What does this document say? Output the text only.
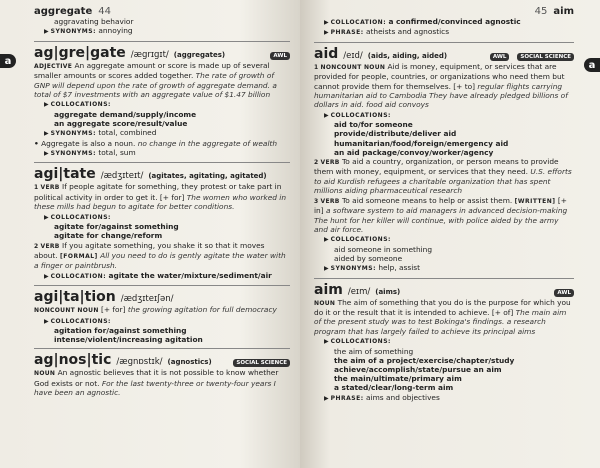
a
aggregate 44

aggravating behavior

▶ SYNONYMS: annoying

ag|gre|gate /ægrɪgɪt/ (aggregates)	AWL

ADJECTIVE An aggregate amount or score is made up of several smaller amounts or scores added together. The rate of growth of GNP will depend upon the rate of growth of aggregate demand. a total of $7 investments with an aggregate value of $1.47 billion

▶ COLLOCATIONS:

aggregate demand/supply/income

an aggregate score/result/value

▶ SYNONYMS: total, combined

• Aggregate is also a noun. no change in the aggregate of wealth

▶ SYNONYMS: total, sum

agi|tate /ædʒɪteɪt/ (agitates, agitating, agitated)

1 VERB If people agitate for something, they protest or take part in political activity in order to get it. [+ for] The women who worked in these mills had begun to agitate for better conditions.

▶ COLLOCATIONS:

agitate for/against something

agitate for change/reform

2 VERB If you agitate something, you shake it so that it moves about. [FORMAL] All you need to do is gently agitate the water with a finger or paintbrush.

▶ COLLOCATION: agitate the water/mixture/sediment/air

agi|ta|tion /ædʒɪteɪʃən/

NONCOUNT NOUN [+ for] the growing agitation for full democracy

▶ COLLOCATIONS:

agitation for/against something

intense/violent/increasing agitation

ag|nos|tic /ægnɒstɪk/ (agnostics)	SOCIAL SCIENCE

NOUN An agnostic believes that it is not possible to know whether God exists or not. For the last twenty-three or twenty-four years I have been an agnostic.

a
45 aim

▶ COLLOCATION: a confirmed/convinced agnostic

▶ PHRASE: atheists and agnostics

aid /eɪd/ (aids, aiding, aided)	AWL	SOCIAL SCIENCE

1 NONCOUNT NOUN Aid is money, equipment, or services that are provided for people, countries, or organizations who need them but cannot provide them for themselves. [+ to] regular flights carrying humanitarian aid to Cambodia They have already pledged billions of dollars in aid. food aid convoys

▶ COLLOCATIONS:

aid to/for someone

provide/distribute/deliver aid

humanitarian/food/foreign/emergency aid

an aid package/convoy/worker/agency

2 VERB To aid a country, organization, or person means to provide them with money, equipment, or services that they need. U.S. efforts to aid Kurdish refugees a charitable organization that has spent millions aiding pharmaceutical research

3 VERB To aid someone means to help or assist them. [WRITTEN] [+ in] a software system to aid managers in advanced decision-making The hunt for her killer will continue, with police aided by the army and air force.

▶ COLLOCATIONS:

aid someone in something

aided by someone

▶ SYNONYMS: help, assist

aim /eɪm/ (aims)	AWL

NOUN The aim of something that you do is the purpose for which you do it or the result that it is intended to achieve. [+ of] The main aim of the present study was to test Bokinga's findings. a research program that has largely failed to achieve its principal aims

▶ COLLOCATIONS:

the aim of something

the aim of a project/exercise/chapter/study

achieve/accomplish/state/pursue an aim

the main/ultimate/primary aim

a stated/clear/long-term aim

▶ PHRASE: aims and objectives
